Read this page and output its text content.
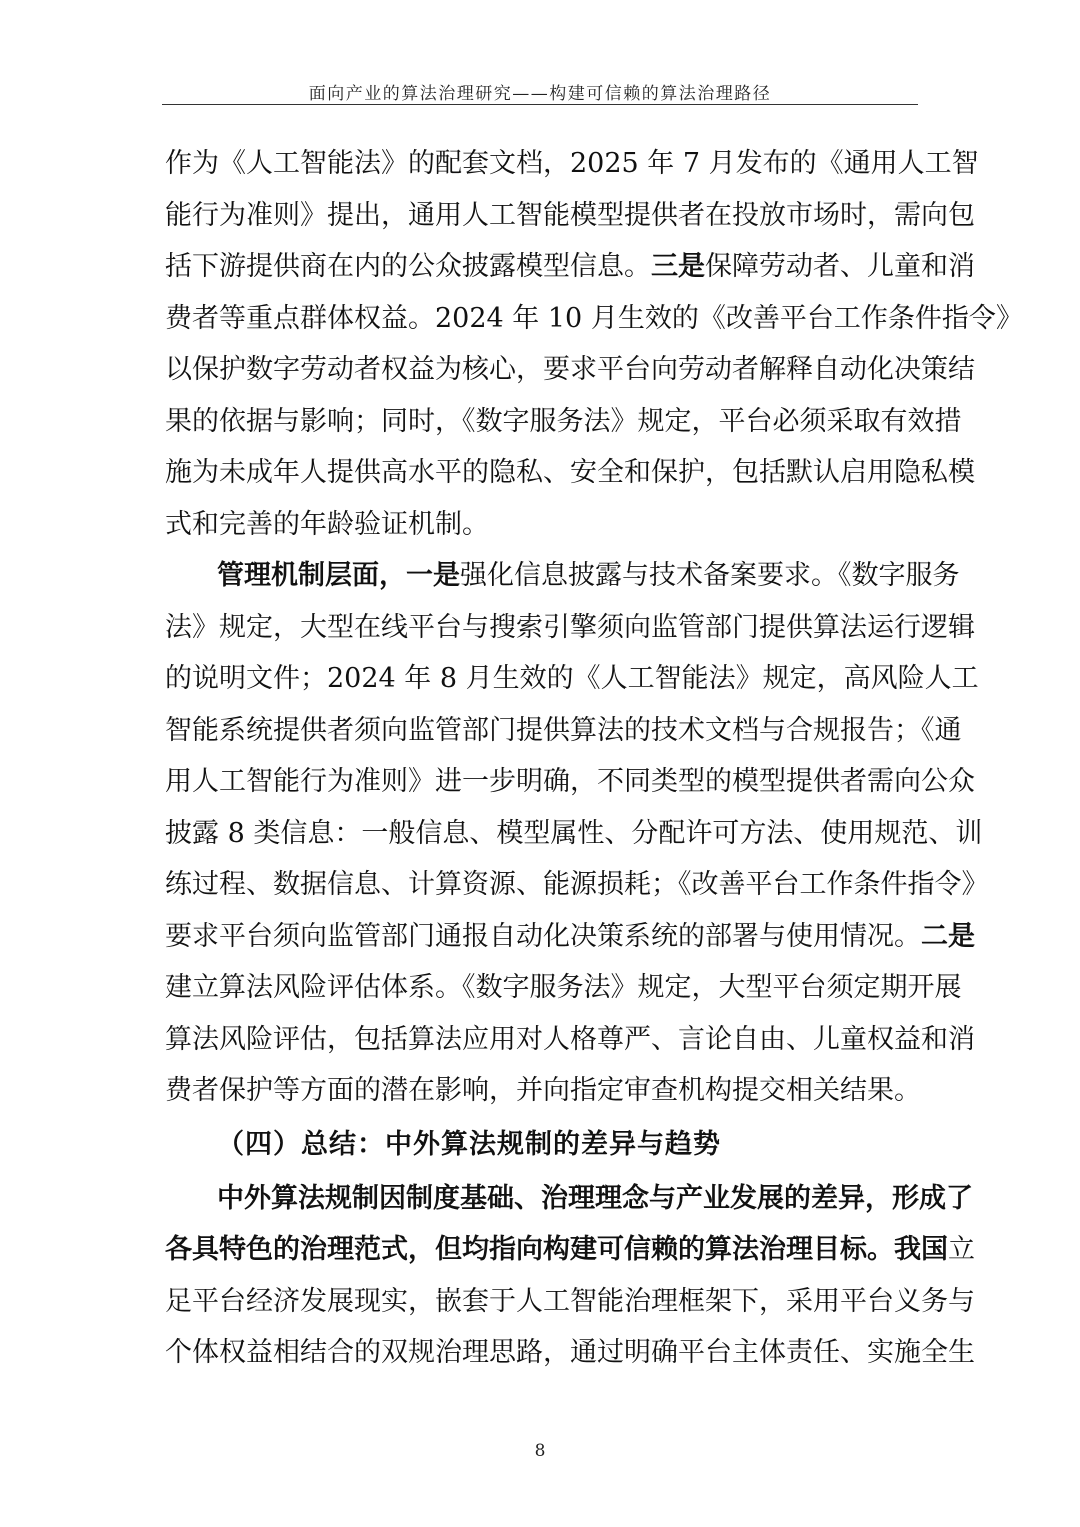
面向产业的算法治理研究——构建可信赖的算法治理路径
作为《人工智能法》的配套文档，2025 年 7 月发布的《通用人工智
能行为准则》提出，通用人工智能模型提供者在投放市场时，需向包
括下游提供商在内的公众披露模型信息。三是保障劳动者、儿童和消
费者等重点群体权益。2024 年 10 月生效的《改善平台工作条件指令》
以保护数字劳动者权益为核心，要求平台向劳动者解释自动化决策结
果的依据与影响；同时，《数字服务法》规定，平台必须采取有效措
施为未成年人提供高水平的隐私、安全和保护，包括默认启用隐私模
式和完善的年龄验证机制。
管理机制层面，一是强化信息披露与技术备案要求。《数字服务
法》规定，大型在线平台与搜索引擎须向监管部门提供算法运行逻辑
的说明文件；2024 年 8 月生效的《人工智能法》规定，高风险人工
智能系统提供者须向监管部门提供算法的技术文档与合规报告；《通
用人工智能行为准则》进一步明确，不同类型的模型提供者需向公众
披露 8 类信息：一般信息、模型属性、分配许可方法、使用规范、训
练过程、数据信息、计算资源、能源损耗；《改善平台工作条件指令》
要求平台须向监管部门通报自动化决策系统的部署与使用情况。二是
建立算法风险评估体系。《数字服务法》规定，大型平台须定期开展
算法风险评估，包括算法应用对人格尊严、言论自由、儿童权益和消
费者保护等方面的潜在影响，并向指定审查机构提交相关结果。
（四）总结：中外算法规制的差异与趋势
中外算法规制因制度基础、治理理念与产业发展的差异，形成了
各具特色的治理范式，但均指向构建可信赖的算法治理目标。我国立
足平台经济发展现实，嵌套于人工智能治理框架下，采用平台义务与
个体权益相结合的双规治理思路，通过明确平台主体责任、实施全生
8
